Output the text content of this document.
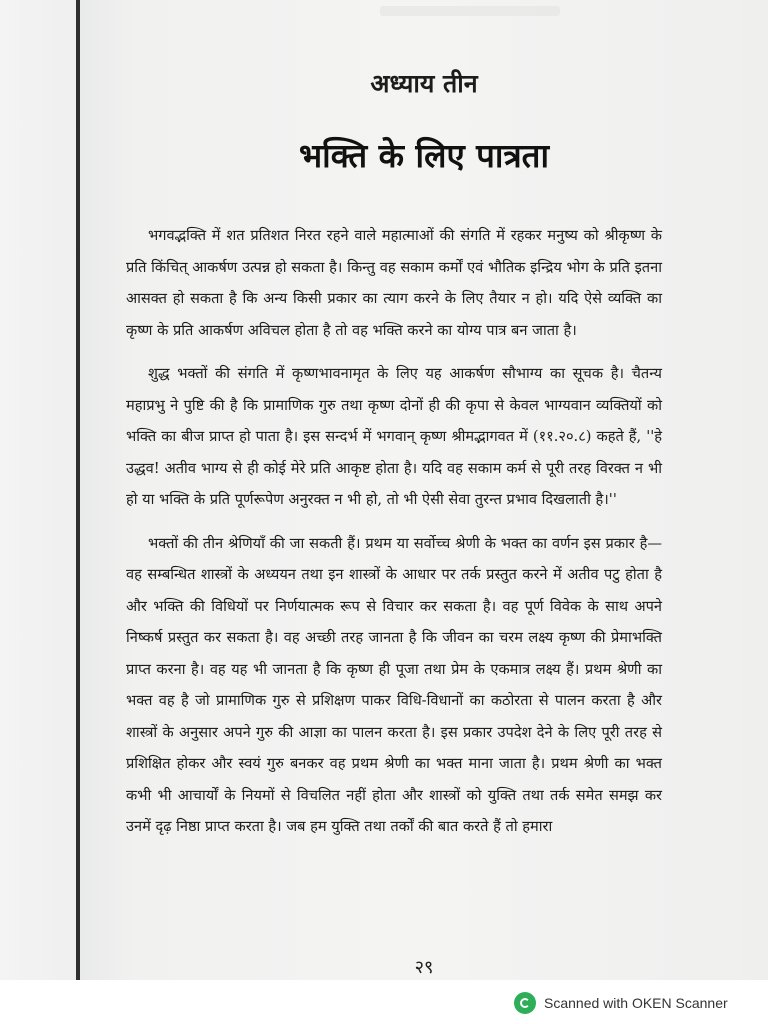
अध्याय तीन
भक्ति के लिए पात्रता

भगवद्भक्ति में शत प्रतिशत निरत रहने वाले महात्माओं की संगति में रहकर मनुष्य को श्रीकृष्ण के प्रति किंचित् आकर्षण उत्पन्न हो सकता है। किन्तु वह सकाम कर्मों एवं भौतिक इन्द्रिय भोग के प्रति इतना आसक्त हो सकता है कि अन्य किसी प्रकार का त्याग करने के लिए तैयार न हो। यदि ऐसे व्यक्ति का कृष्ण के प्रति आकर्षण अविचल होता है तो वह भक्ति करने का योग्य पात्र बन जाता है।

शुद्ध भक्तों की संगति में कृष्णभावनामृत के लिए यह आकर्षण सौभाग्य का सूचक है। चैतन्य महाप्रभु ने पुष्टि की है कि प्रामाणिक गुरु तथा कृष्ण दोनों ही की कृपा से केवल भाग्यवान व्यक्तियों को भक्ति का बीज प्राप्त हो पाता है। इस सन्दर्भ में भगवान् कृष्ण श्रीमद्भागवत में (११.२०.८) कहते हैं, ''हे उद्धव! अतीव भाग्य से ही कोई मेरे प्रति आकृष्ट होता है। यदि वह सकाम कर्म से पूरी तरह विरक्त न भी हो या भक्ति के प्रति पूर्णरूपेण अनुरक्त न भी हो, तो भी ऐसी सेवा तुरन्त प्रभाव दिखलाती है।''

भक्तों की तीन श्रेणियाँ की जा सकती हैं। प्रथम या सर्वोच्च श्रेणी के भक्त का वर्णन इस प्रकार है—वह सम्बन्धित शास्त्रों के अध्ययन तथा इन शास्त्रों के आधार पर तर्क प्रस्तुत करने में अतीव पटु होता है और भक्ति की विधियों पर निर्णयात्मक रूप से विचार कर सकता है। वह पूर्ण विवेक के साथ अपने निष्कर्ष प्रस्तुत कर सकता है। वह अच्छी तरह जानता है कि जीवन का चरम लक्ष्य कृष्ण की प्रेमाभक्ति प्राप्त करना है। वह यह भी जानता है कि कृष्ण ही पूजा तथा प्रेम के एकमात्र लक्ष्य हैं। प्रथम श्रेणी का भक्त वह है जो प्रामाणिक गुरु से प्रशिक्षण पाकर विधि-विधानों का कठोरता से पालन करता है और शास्त्रों के अनुसार अपने गुरु की आज्ञा का पालन करता है। इस प्रकार उपदेश देने के लिए पूरी तरह से प्रशिक्षित होकर और स्वयं गुरु बनकर वह प्रथम श्रेणी का भक्त माना जाता है। प्रथम श्रेणी का भक्त कभी भी आचार्यों के नियमों से विचलित नहीं होता और शास्त्रों को युक्ति तथा तर्क समेत समझ कर उनमें दृढ़ निष्ठा प्राप्त करता है। जब हम युक्ति तथा तर्कों की बात करते हैं तो हमारा

२९
Scanned with OKEN Scanner
